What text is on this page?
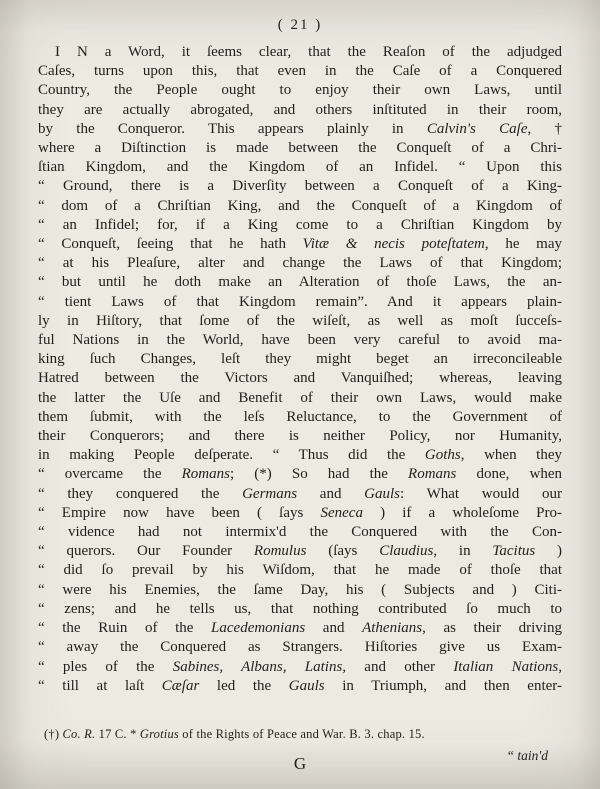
( 21 )
I N a Word, it ſeems clear, that the Reaſon of the adjudged
Caſes, turns upon this, that even in the Caſe of a Conquered
Country, the People ought to enjoy their own Laws, until
they are actually abrogated, and others inſtituted in their room,
by the Conqueror. This appears plainly in Calvin's Caſe, †
where a Diſtinction is made between the Conqueſt of a Chri-
ſtian Kingdom, and the Kingdom of an Infidel. “ Upon this
“ Ground, there is a Diverſity between a Conqueſt of a King-
“ dom of a Chriſtian King, and the Conqueſt of a Kingdom of
“ an Infidel; for, if a King come to a Chriſtian Kingdom by
“ Conqueſt, ſeeing that he hath Vitæ & necis poteſtatem, he may
“ at his Pleaſure, alter and change the Laws of that Kingdom;
“ but until he doth make an Alteration of thoſe Laws, the an-
“ tient Laws of that Kingdom remain”. And it appears plain-
ly in Hiſtory, that ſome of the wiſeſt, as well as moſt ſucceſs-
ful Nations in the World, have been very careful to avoid ma-
king ſuch Changes, leſt they might beget an irreconcileable
Hatred between the Victors and Vanquiſhed; whereas, leaving
the latter the Uſe and Benefit of their own Laws, would make
them ſubmit, with the leſs Reluctance, to the Government of
their Conquerors; and there is neither Policy, nor Humanity,
in making People deſperate. “ Thus did the Goths, when they
“ overcame the Romans; (*) So had the Romans done, when
“ they conquered the Germans and Gauls: What would our
“ Empire now have been ( ſays Seneca ) if a wholeſome Pro-
“ vidence had not intermix'd the Conquered with the Con-
“ querors. Our Founder Romulus (ſays Claudius, in Tacitus )
“ did ſo prevail by his Wiſdom, that he made of thoſe that
“ were his Enemies, the ſame Day, his ( Subjects and ) Citi-
“ zens; and he tells us, that nothing contributed ſo much to
“ the Ruin of the Lacedemonians and Athenians, as their driving
“ away the Conquered as Strangers. Hiſtories give us Exam-
“ ples of the Sabines, Albans, Latins, and other Italian Nations,
“ till at laſt Cæſar led the Gauls in Triumph, and then enter-
(†) Co. R. 17 C. * Grotius of the Rights of Peace and War. B. 3. chap. 15.
G	“ tain'd
